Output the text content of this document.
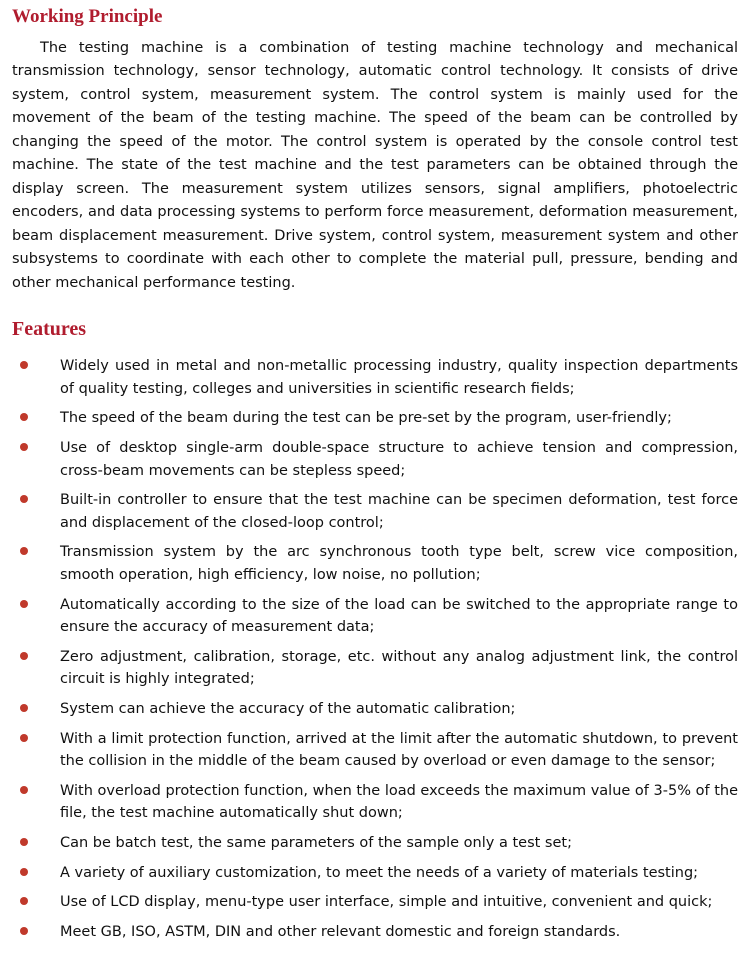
Working Principle

The testing machine is a combination of testing machine technology and mechanical transmission technology, sensor technology, automatic control technology. It consists of drive system, control system, measurement system. The control system is mainly used for the movement of the beam of the testing machine. The speed of the beam can be controlled by changing the speed of the motor. The control system is operated by the console control test machine. The state of the test machine and the test parameters can be obtained through the display screen. The measurement system utilizes sensors, signal amplifiers, photoelectric encoders, and data processing systems to perform force measurement, deformation measurement, beam displacement measurement. Drive system, control system, measurement system and other subsystems to coordinate with each other to complete the material pull, pressure, bending and other mechanical performance testing.

Features
Widely used in metal and non-metallic processing industry, quality inspection departments of quality testing, colleges and universities in scientific research fields;
The speed of the beam during the test can be pre-set by the program, user-friendly;
Use of desktop single-arm double-space structure to achieve tension and compression, cross-beam movements can be stepless speed;
Built-in controller to ensure that the test machine can be specimen deformation, test force and displacement of the closed-loop control;
Transmission system by the arc synchronous tooth type belt, screw vice composition, smooth operation, high efficiency, low noise, no pollution;
Automatically according to the size of the load can be switched to the appropriate range to ensure the accuracy of measurement data;
Zero adjustment, calibration, storage, etc. without any analog adjustment link, the control circuit is highly integrated;
System can achieve the accuracy of the automatic calibration;
With a limit protection function, arrived at the limit after the automatic shutdown, to prevent the collision in the middle of the beam caused by overload or even damage to the sensor;
With overload protection function, when the load exceeds the maximum value of 3-5% of the file, the test machine automatically shut down;
Can be batch test, the same parameters of the sample only a test set;
A variety of auxiliary customization, to meet the needs of a variety of materials testing;
Use of LCD display, menu-type user interface, simple and intuitive, convenient and quick;
Meet GB, ISO, ASTM, DIN and other relevant domestic and foreign standards.
